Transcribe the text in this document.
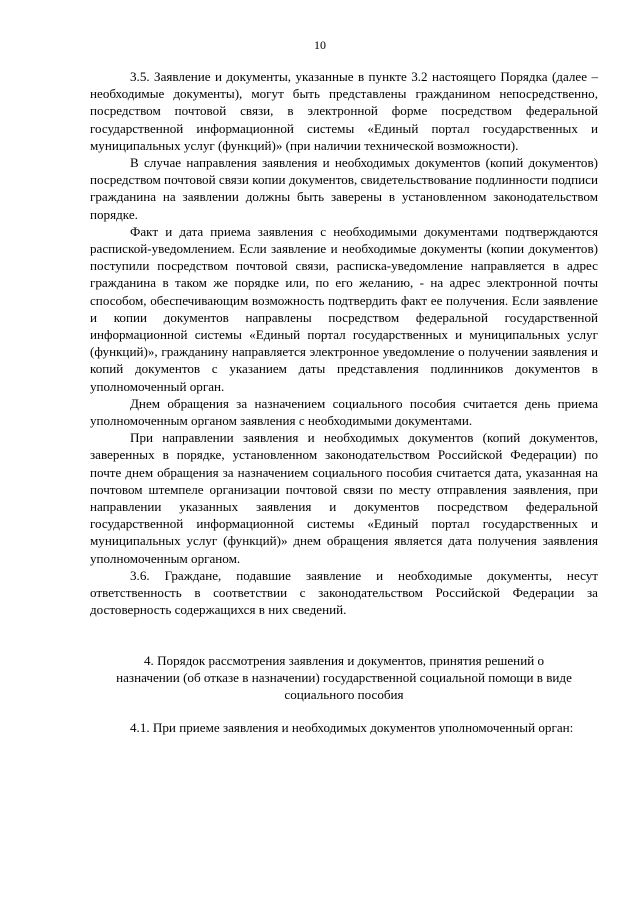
10

3.5. Заявление и документы, указанные в пункте 3.2 настоящего Порядка (далее – необходимые документы), могут быть представлены гражданином непосредственно, посредством почтовой связи, в электронной форме посредством федеральной государственной информационной системы «Единый портал государственных и муниципальных услуг (функций)» (при наличии технической возможности).

В случае направления заявления и необходимых документов (копий документов) посредством почтовой связи копии документов, свидетельствование подлинности подписи гражданина на заявлении должны быть заверены в установленном законодательством порядке.

Факт и дата приема заявления с необходимыми документами подтверждаются распиской-уведомлением. Если заявление и необходимые документы (копии документов) поступили посредством почтовой связи, расписка-уведомление направляется в адрес гражданина в таком же порядке или, по его желанию, - на адрес электронной почты способом, обеспечивающим возможность подтвердить факт ее получения. Если заявление и копии документов направлены посредством федеральной государственной информационной системы «Единый портал государственных и муниципальных услуг (функций)», гражданину направляется электронное уведомление о получении заявления и копий документов с указанием даты представления подлинников документов в уполномоченный орган.

Днем обращения за назначением социального пособия считается день приема уполномоченным органом заявления с необходимыми документами.

При направлении заявления и необходимых документов (копий документов, заверенных в порядке, установленном законодательством Российской Федерации) по почте днем обращения за назначением социального пособия считается дата, указанная на почтовом штемпеле организации почтовой связи по месту отправления заявления, при направлении указанных заявления и документов посредством федеральной государственной информационной системы «Единый портал государственных и муниципальных услуг (функций)» днем обращения является дата получения заявления уполномоченным органом.

3.6. Граждане, подавшие заявление и необходимые документы, несут ответственность в соответствии с законодательством Российской Федерации за достоверность содержащихся в них сведений.

4. Порядок рассмотрения заявления и документов, принятия решений о назначении (об отказе в назначении) государственной социальной помощи в виде социального пособия

4.1. При приеме заявления и необходимых документов уполномоченный орган:
